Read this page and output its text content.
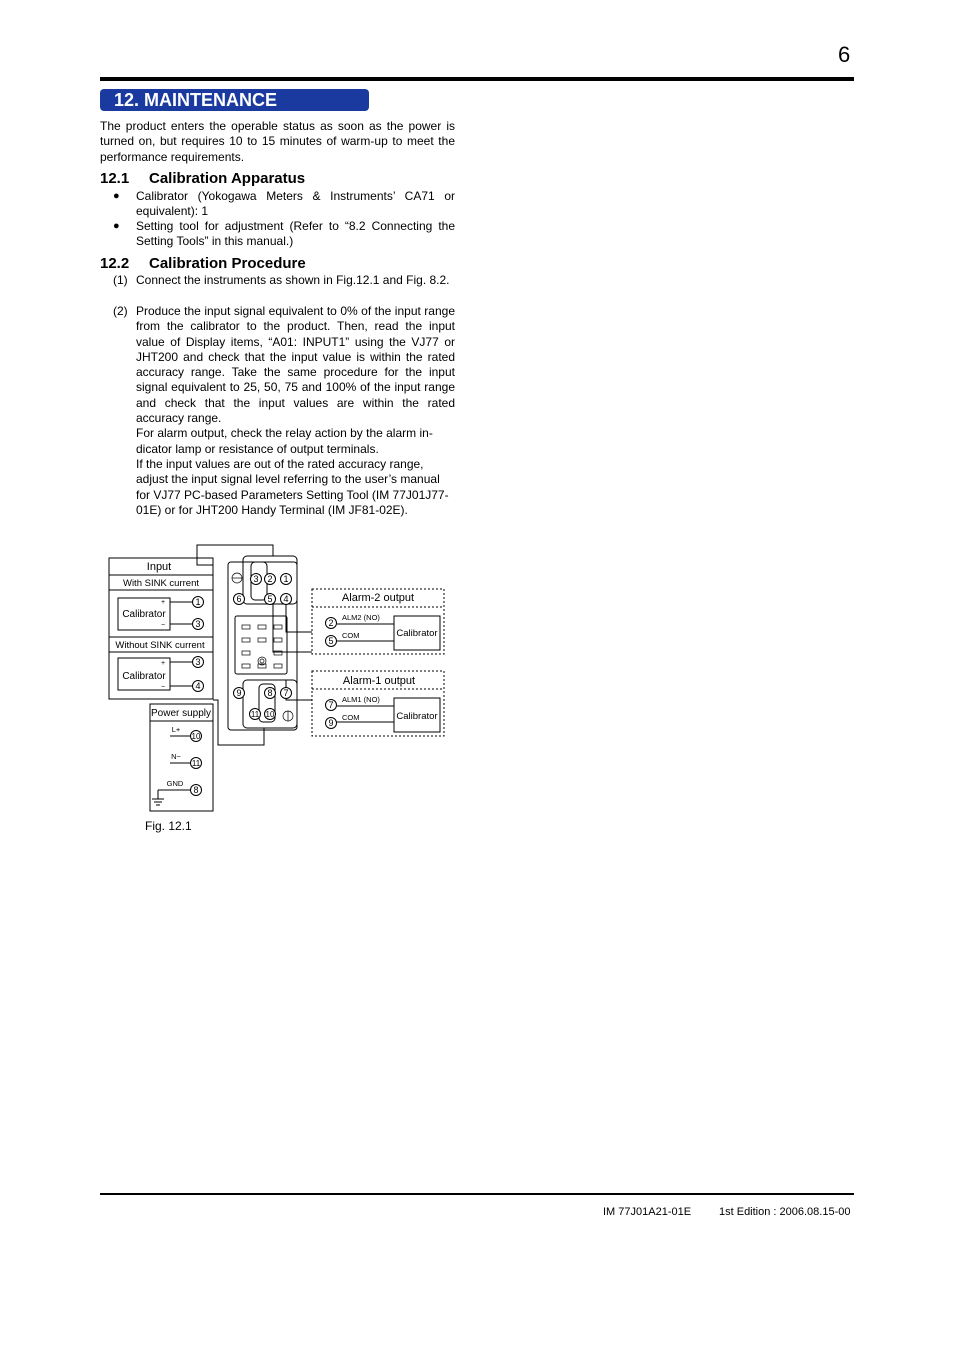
6
12. MAINTENANCE
The product enters the operable status as soon as the power is turned on, but requires 10 to 15 minutes of warm-up to meet the performance requirements.
12.1 Calibration Apparatus
● Calibrator (Yokogawa Meters & Instruments’ CA71 or equivalent): 1
● Setting tool for adjustment (Refer to “8.2 Connecting the Setting Tools” in this manual.)
12.2 Calibration Procedure
(1) Connect the instruments as shown in Fig.12.1 and Fig. 8.2.

(2) Produce the input signal equivalent to 0% of the input range from the calibrator to the product. Then, read the input value of Display items, “A01: INPUT1” using the VJ77 or JHT200 and check that the input value is within the rated accuracy range. Take the same procedure for the input signal equivalent to 25, 50, 75 and 100% of the input range and check that the input values are within the rated accuracy range.

For alarm output, check the relay action by the alarm indicator lamp or resistance of output terminals.

If the input values are out of the rated accuracy range, adjust the input signal level referring to the user’s manual for VJ77 PC-based Parameters Setting Tool (IM 77J01J77-01E) or for JHT200 Handy Terminal (IM JF81-02E).

1
3
3
4
10
11
8
2
5
7
9
3 2 1
6	5 4
9	8 7
11 10
Input
With SINK current
Without SINK current
Calibrator
Calibrator
+
−
+
−
Power supply
L+
N−
GND
Alarm-2 output
ALM2 (NO)
COM	Calibrator
Alarm-1 output
ALM1 (NO)
COM	Calibrator
Fig. 12.1
IM 77J01A21-01E	1st Edition : 2006.08.15-00
